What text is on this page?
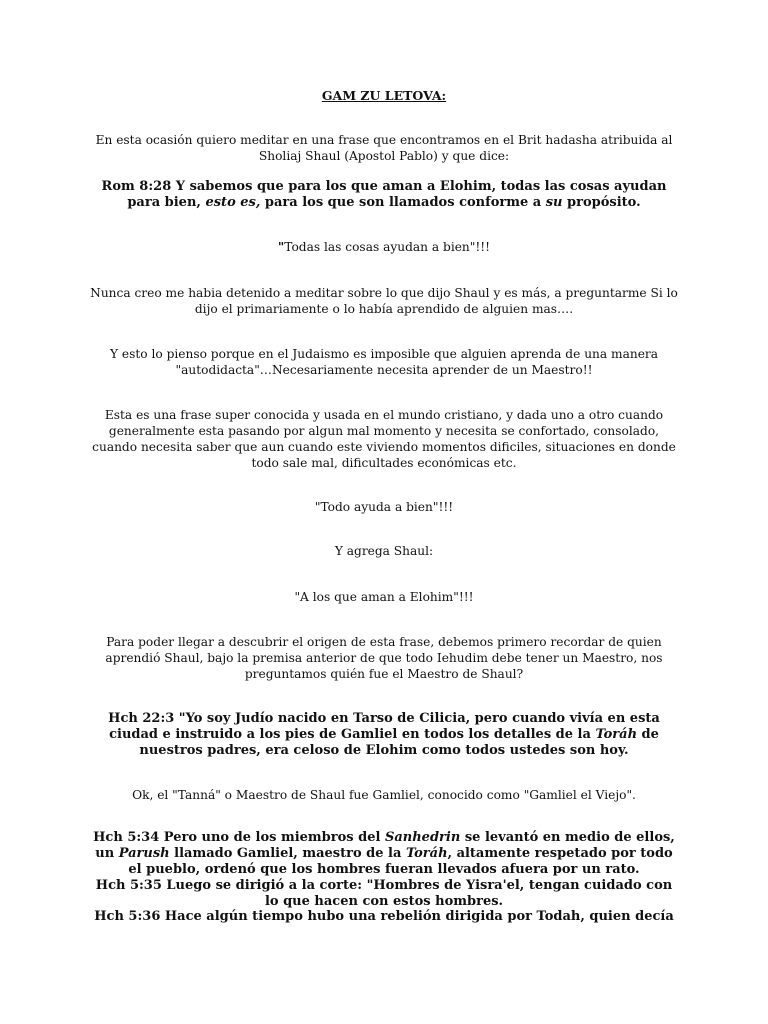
GAM ZU LETOVA:

En esta ocasión quiero meditar en una frase que encontramos en el Brit hadasha atribuida al Sholiaj Shaul (Apostol Pablo) y que dice:

Rom 8:28 Y sabemos que para los que aman a Elohim, todas las cosas ayudan para bien, esto es, para los que son llamados conforme a su propósito.

"Todas las cosas ayudan a bien"!!!

Nunca creo me habia detenido a meditar sobre lo que dijo Shaul y es más, a preguntarme Si lo dijo el primariamente o lo había aprendido de alguien mas….

Y esto lo pienso porque en el Judaismo es imposible que alguien aprenda de una manera "autodidacta"…Necesariamente necesita aprender de un Maestro!!

Esta es una frase super conocida y usada en el mundo cristiano, y dada uno a otro cuando generalmente esta pasando por algun mal momento y necesita se confortado, consolado, cuando necesita saber que aun cuando este viviendo momentos dificiles, situaciones en donde todo sale mal, dificultades económicas etc.

"Todo ayuda a bien"!!!

Y agrega Shaul:

"A los que aman a Elohim"!!!

Para poder llegar a descubrir el origen de esta frase, debemos primero recordar de quien aprendió Shaul, bajo la premisa anterior de que todo Iehudim debe tener un Maestro, nos preguntamos quién fue el Maestro de Shaul?

Hch 22:3 "Yo soy Judío nacido en Tarso de Cilicia, pero cuando vivía en esta ciudad e instruido a los pies de Gamliel en todos los detalles de la Toráh de nuestros padres, era celoso de Elohim como todos ustedes son hoy.

Ok, el "Tanná" o Maestro de Shaul fue Gamliel, conocido como "Gamliel el Viejo".

Hch 5:34 Pero uno de los miembros del Sanhedrin se levantó en medio de ellos, un Parush llamado Gamliel, maestro de la Toráh, altamente respetado por todo el pueblo, ordenó que los hombres fueran llevados afuera por un rato.

Hch 5:35 Luego se dirigió a la corte: "Hombres de Yisra'el, tengan cuidado con lo que hacen con estos hombres.

Hch 5:36 Hace algún tiempo hubo una rebelión dirigida por Todah, quien decía
